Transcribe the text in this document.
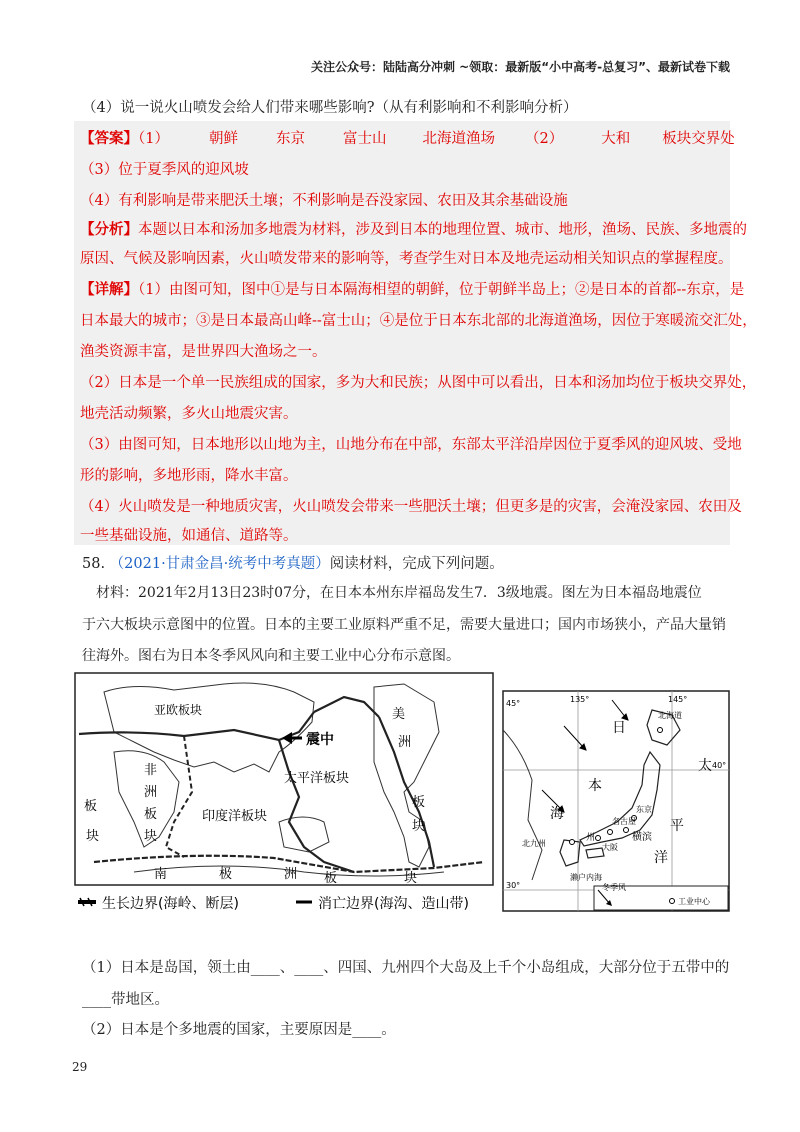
关注公众号：陆陆高分冲刺 ~领取：最新版“小中高考-总复习”、最新试卷下载
（4）说一说火山喷发会给人们带来哪些影响?（从有利影响和不利影响分析）
【答案】（1）	朝鲜	东京	富士山 北海道渔场 （2）	大和 板块交界处
（3）位于夏季风的迎风坡
（4）有利影响是带来肥沃土壤；不利影响是吞没家园、农田及其余基础设施
【分析】本题以日本和汤加多地震为材料，涉及到日本的地理位置、城市、地形，渔场、民族、多地震的
原因、气候及影响因素，火山喷发带来的影响等，考查学生对日本及地壳运动相关知识点的掌握程度。
【详解】（1）由图可知，图中①是与日本隔海相望的朝鲜，位于朝鲜半岛上；②是日本的首都--东京，是
日本最大的城市；③是日本最高山峰--富士山；④是位于日本东北部的北海道渔场，因位于寒暖流交汇处，
渔类资源丰富，是世界四大渔场之一。
（2）日本是一个单一民族组成的国家，多为大和民族；从图中可以看出，日本和汤加均位于板块交界处，
地壳活动频繁，多火山地震灾害。
（3）由图可知，日本地形以山地为主，山地分布在中部，东部太平洋沿岸因位于夏季风的迎风坡、受地
形的影响，多地形雨，降水丰富。
（4）火山喷发是一种地质灾害，火山喷发会带来一些肥沃土壤；但更多是的灾害，会淹没家园、农田及
一些基础设施，如通信、道路等。
58. （2021·甘肃金昌·统考中考真题）阅读材料，完成下列问题。
材料：2021年2月13日23时07分，在日本本州东岸福岛发生7．3级地震。图左为日本福岛地震位
于六大板块示意图中的位置。日本的主要工业原料严重不足，需要大量进口；国内市场狭小，产品大量销
往海外。图右为日本冬季风风向和主要工业中心分布示意图。
亚欧板块
非
洲
板
块
印度洋板块
太平洋板块
震中
美
洲
板
块
板
块
南	极	洲 板	块
生长边界(海岭、断层)	消亡边界(海沟、造山带)
135°	145°
45°
40°
30°
日
本
海
太
平
洋
北海道
东京
名古屋
横滨
大阪
北九州
濑户内海
州
冬季风
工业中心
（1）日本是岛国，领土由____、____、四国、九州四个大岛及上千个小岛组成，大部分位于五带中的
____带地区。
（2）日本是个多地震的国家，主要原因是____。
29
